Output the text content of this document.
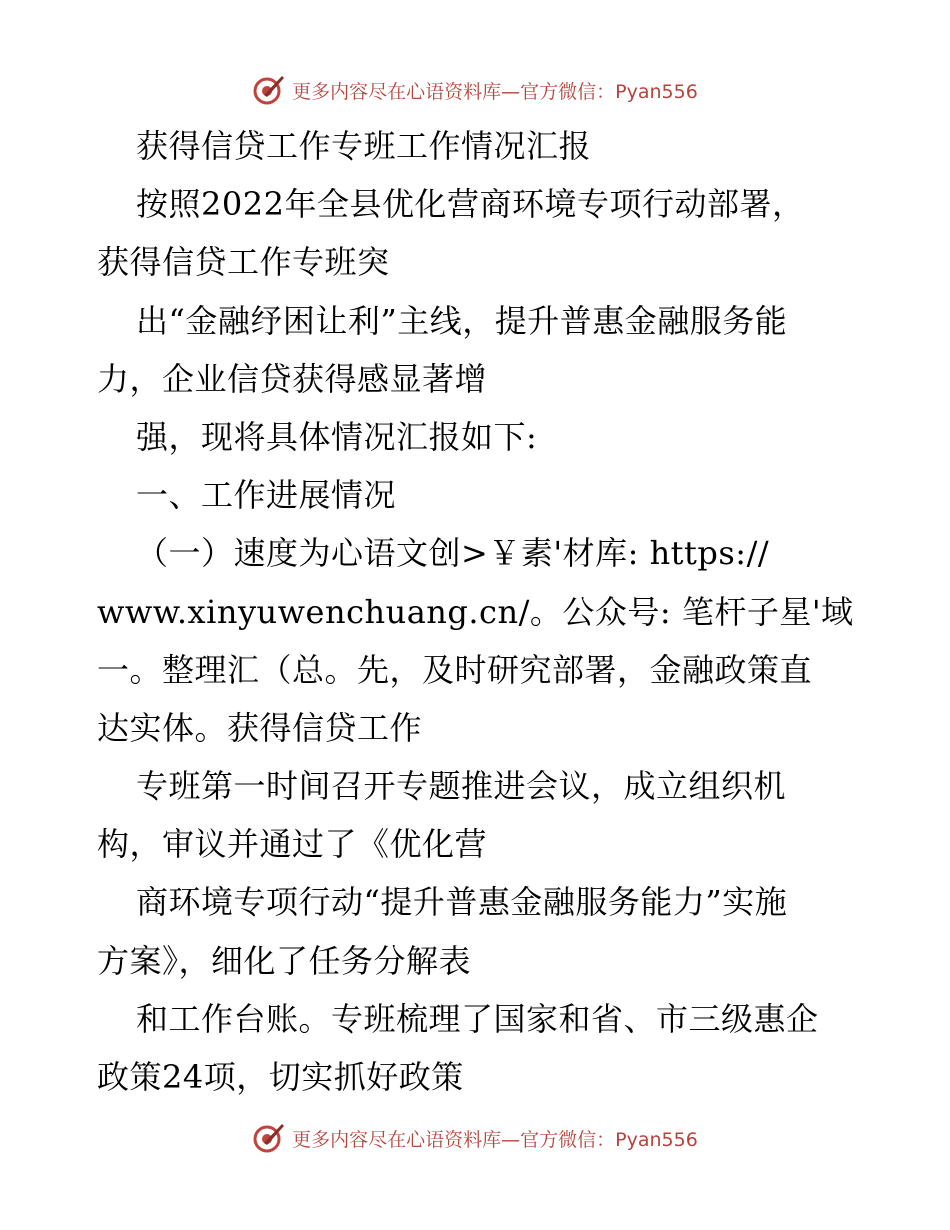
更多内容尽在心语资料库 —官方微信：Pyan556
获得信贷工作专班工作情况汇报
按照2022年全县优化营商环境专项行动部署，
获得信贷工作专班突
出“金融纾困让利”主线，提升普惠金融服务能
力，企业信贷获得感显著增
强，现将具体情况汇报如下:
一、工作进展情况
（一）速度为心语文创>￥素'材库: https://
www.xinyuwenchuang.cn/。公众号: 笔杆子星'域
一。整理汇（总。先，及时研究部署，金融政策直
达实体。获得信贷工作
专班第一时间召开专题推进会议，成立组织机
构，审议并通过了《优化营
商环境专项行动“提升普惠金融服务能力”实施
方案》，细化了任务分解表
和工作台账。专班梳理了国家和省、市三级惠企
政策24项，切实抓好政策
更多内容尽在心语资料库 —官方微信：Pyan556
